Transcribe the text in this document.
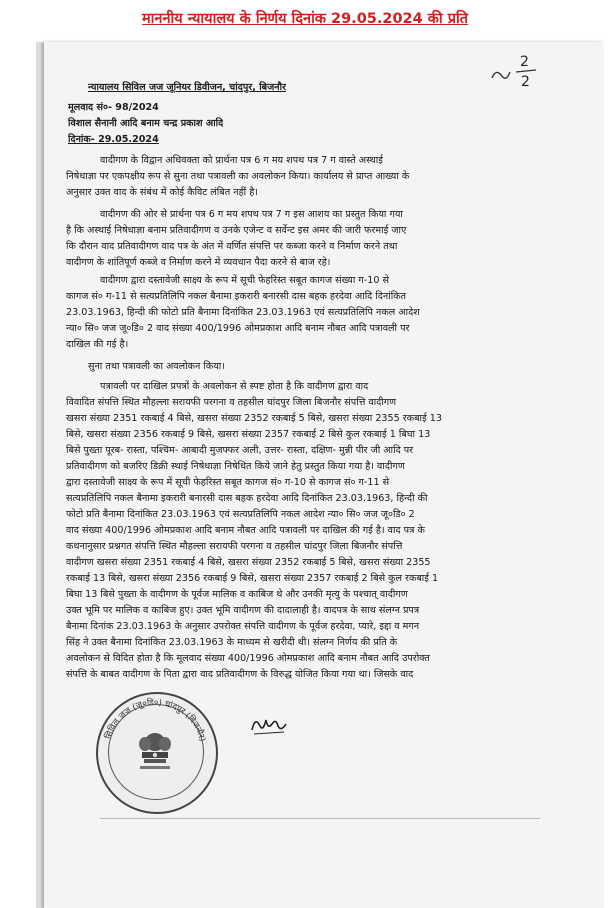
माननीय न्यायालय के निर्णय दिनांक 29.05.2024 की प्रति
2
2
न्यायालय सिविल जज जूनियर डिवीजन, चांदपुर, बिजनौर
मूलवाद सं०- 98/2024
विशाल सैनानी आदि बनाम चन्द्र प्रकाश आदि
दिनांक- 29.05.2024
वादीगण के विद्वान अधिवक्ता को प्रार्थना पत्र 6 ग मय शपथ पत्र 7 ग वास्ते अस्थाई
निषेधाज्ञा पर एकपक्षीय रूप से सुना तथा पत्रावली का अवलोकन किया। कार्यालय से प्राप्त आख्या के
अनुसार उक्त वाद के संबंध में कोई कैविट लंबित नहीं है।
वादीगण की ओर से प्रार्थना पत्र 6 ग मय शपथ पत्र 7 ग इस आशय का प्रस्तुत किया गया
है कि अस्थाई निषेधाज्ञा बनाम प्रतिवादीगण व उनके एजेन्ट व सर्वेन्ट इस अमर की जारी फरमाई जाए
कि दौरान वाद प्रतिवादीगण वाद पत्र के अंत में वर्णित संपत्ति पर कब्जा करने व निर्माण करने तथा
वादीगण के शांतिपूर्ण कब्जे व निर्माण करने में व्यवधान पैदा करने से बाज रहे।
वादीगण द्वारा दस्तावेजी साक्ष्य के रूप में सूची फेहरिस्त सबूत कागज संख्या ग-10 से
कागज सं० ग-11 से सत्यप्रतिलिपि नकल बैनामा इकरारी बनारसी दास बहक हरदेवा आदि दिनांकित
23.03.1963, हिन्दी की फोटो प्रति बैनामा दिनांकित 23.03.1963 एवं सत्यप्रतिलिपि नकल आदेश
न्या० सि० जज जू०डि० 2 वाद संख्या 400/1996 ओमप्रकाश आदि बनाम नौबत आदि पत्रावली पर
दाखिल की गई है।
सुना तथा पत्रावली का अवलोकन किया।
पत्रावली पर दाखिल प्रपत्रों के अवलोकन से स्पष्ट होता है कि वादीगण द्वारा वाद
विवादित संपत्ति स्थित मौहल्ला सरायफी परगना व तहसील चांदपुर जिला बिजनौर संपत्ति वादीगण
खसरा संख्या 2351 रकबाई 4 बिसे, खसरा संख्या 2352 रकबाई 5 बिसे, खसरा संख्या 2355 रकबाई 13
बिसे, खसरा संख्या 2356 रकबाई 9 बिसे, खसरा संख्या 2357 रकबाई 2 बिसे कुल रकबाई 1 बिघा 13
बिसे पुख्ता पूरब- रास्ता, पश्चिम- आबादी मुजफ्फर अली, उत्तर- रास्ता, दक्षिण- मुन्नी पीर जी आदि पर
प्रतिवादीगण को बजरिए डिक्री स्थाई निषेधाज्ञा निषेधित किये जाने हेतु प्रस्तुत किया गया है। वादीगण
द्वारा दस्तावेजी साक्ष्य के रूप में सूची फेहरिस्त सबूत कागज सं० ग-10 से कागज सं० ग-11 से
सत्यप्रतिलिपि नकल बैनामा इकरारी बनारसी दास बहक हरदेवा आदि दिनांकित 23.03.1963, हिन्दी की
फोटो प्रति बैनामा दिनांकित 23.03.1963 एवं सत्यप्रतिलिपि नकल आदेश न्या० सि० जज जू०डि० 2
वाद संख्या 400/1996 ओमप्रकाश आदि बनाम नौबत आदि पत्रावली पर दाखिल की गई है। वाद पत्र के
कथनानुसार प्रश्नगत संपत्ति स्थित मौहल्ला सरायफी परगना व तहसील चांदपुर जिला बिजनौर संपत्ति
वादीगण खसरा संख्या 2351 रकबाई 4 बिसे, खसरा संख्या 2352 रकबाई 5 बिसे, खसरा संख्या 2355
रकबाई 13 बिसे, खसरा संख्या 2356 रकबाई 9 बिसे, खसरा संख्या 2357 रकबाई 2 बिसे कुल रकबाई 1
बिघा 13 बिसे पुख्ता के वादीगण के पूर्वज मालिक व काबिज थे और उनकी मृत्यु के पश्चात् वादीगण
उक्त भूमि पर मालिक व काबिज हुए। उक्त भूमि वादीगण की दादालाही है। वादपत्र के साथ संलग्न प्रपत्र
बैनामा दिनांक 23.03.1963 के अनुसार उपरोक्त संपत्ति वादीगण के पूर्वज हरदेवा, प्यारे, इद्दा व मगन
सिंह ने उक्त बैनामा दिनांकित 23.03.1963 के माध्यम से खरीदी थी। संलग्न निर्णय की प्रति के
अवलोकन से विदित होता है कि मूलवाद संख्या 400/1996 ओमप्रकाश आदि बनाम नौबत आदि उपरोक्त
संपत्ति के बाबत वादीगण के पिता द्वारा वाद प्रतिवादीगण के विरुद्ध योजित किया गया था। जिसके वाद
सिविल जज (जू०डि०) चांदपुर (बिजनौर)
